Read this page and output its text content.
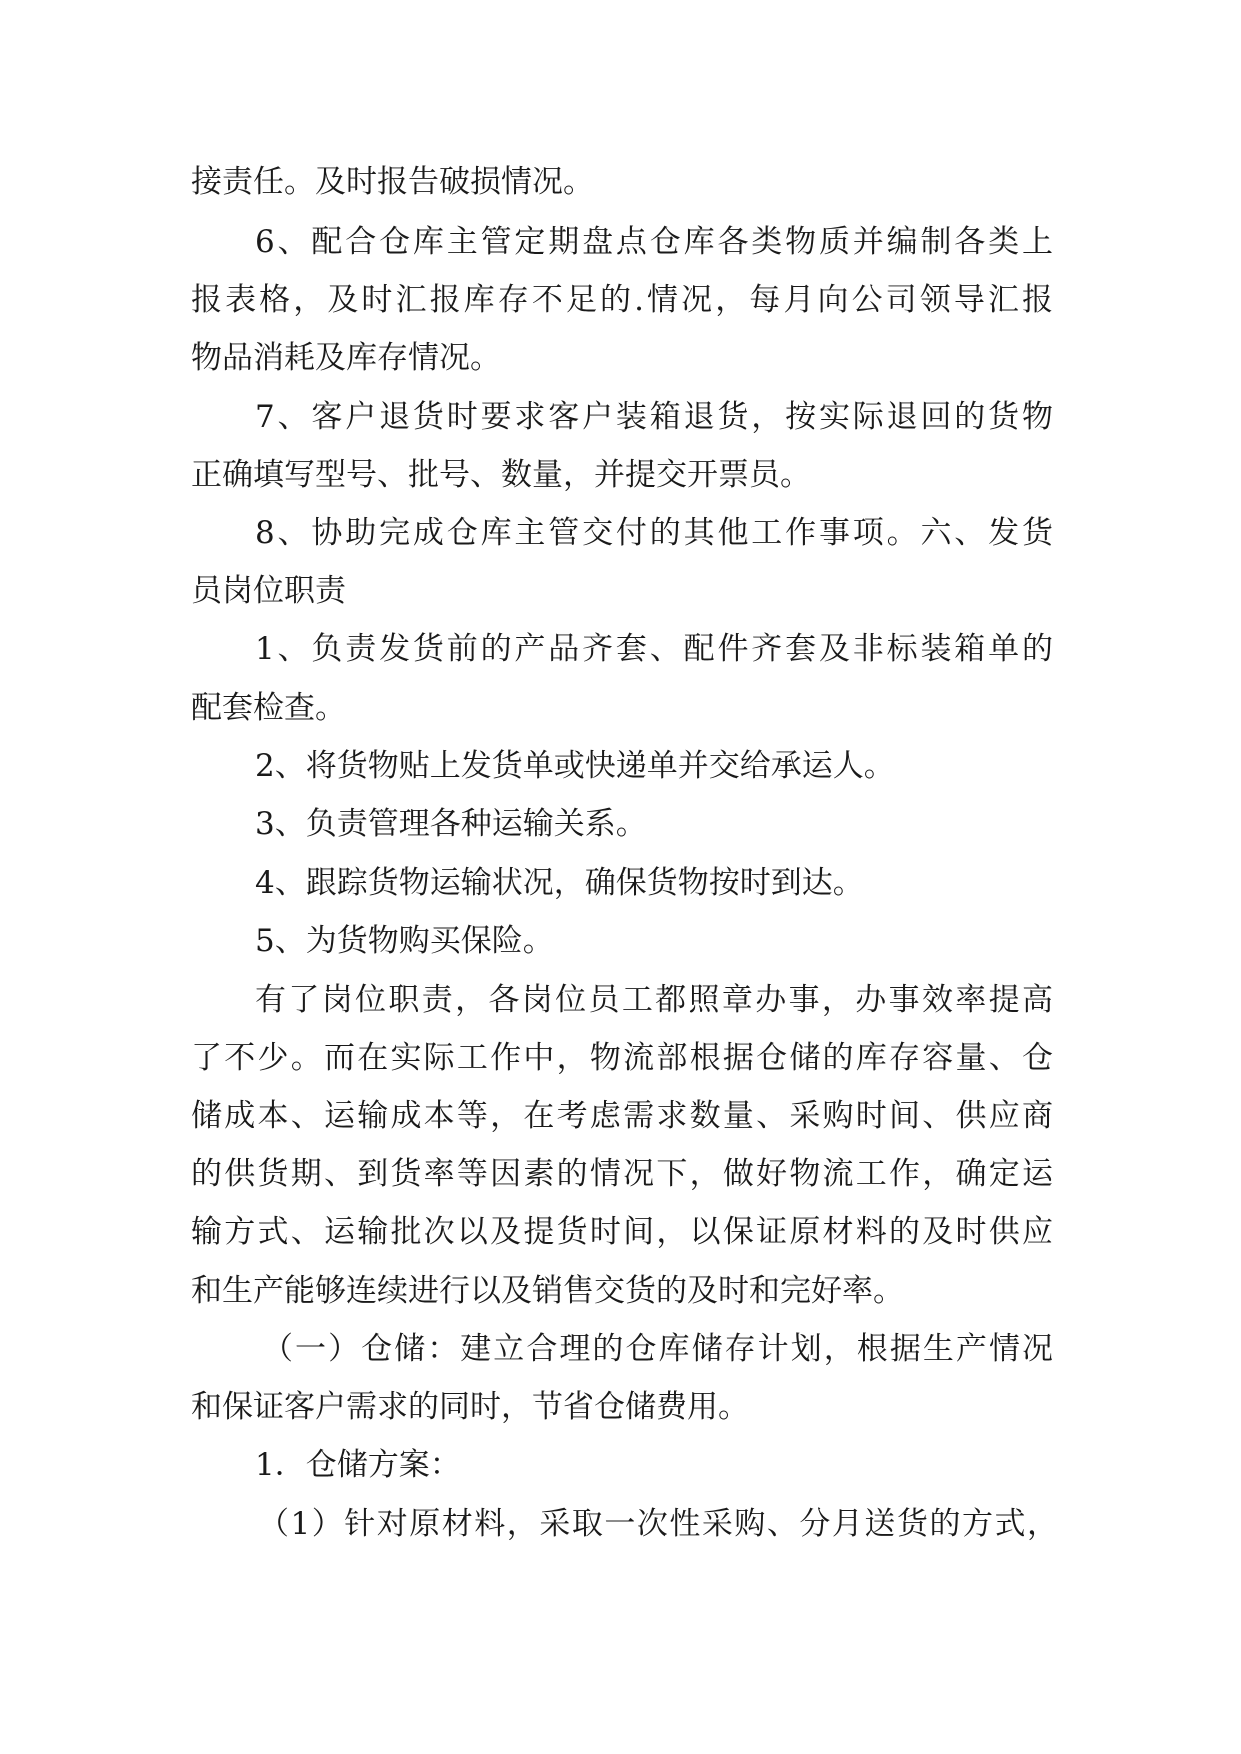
接责任。及时报告破损情况。
6、配合仓库主管定期盘点仓库各类物质并编制各类上
报表格，及时汇报库存不足的.情况，每月向公司领导汇报
物品消耗及库存情况。
7、客户退货时要求客户装箱退货，按实际退回的货物
正确填写型号、批号、数量，并提交开票员。
8、协助完成仓库主管交付的其他工作事项。六、发货
员岗位职责
1、负责发货前的产品齐套、配件齐套及非标装箱单的
配套检查。
2、将货物贴上发货单或快递单并交给承运人。
3、负责管理各种运输关系。
4、跟踪货物运输状况，确保货物按时到达。
5、为货物购买保险。
有了岗位职责，各岗位员工都照章办事，办事效率提高
了不少。而在实际工作中，物流部根据仓储的库存容量、仓
储成本、运输成本等，在考虑需求数量、采购时间、供应商
的供货期、到货率等因素的情况下，做好物流工作，确定运
输方式、运输批次以及提货时间，以保证原材料的及时供应
和生产能够连续进行以及销售交货的及时和完好率。
（一）仓储：建立合理的仓库储存计划，根据生产情况
和保证客户需求的同时，节省仓储费用。
1．仓储方案：
（1）针对原材料，采取一次性采购、分月送货的方式，
